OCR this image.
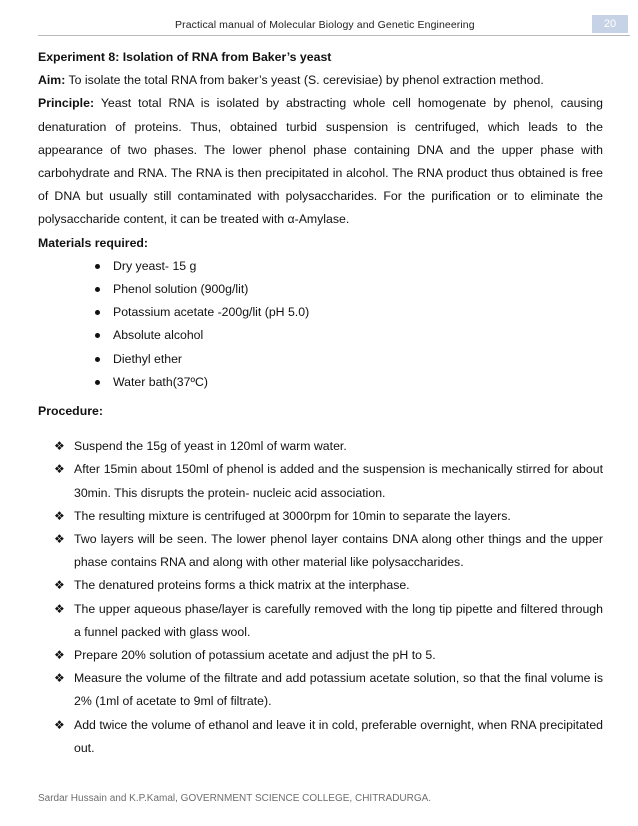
Practical manual of Molecular Biology and Genetic Engineering	20
Experiment 8: Isolation of RNA from Baker’s yeast
Aim: To isolate the total RNA from baker’s yeast (S. cerevisiae) by phenol extraction method.
Principle: Yeast total RNA is isolated by abstracting whole cell homogenate by phenol, causing denaturation of proteins. Thus, obtained turbid suspension is centrifuged, which leads to the appearance of two phases. The lower phenol phase containing DNA and the upper phase with carbohydrate and RNA. The RNA is then precipitated in alcohol. The RNA product thus obtained is free of DNA but usually still contaminated with polysaccharides. For the purification or to eliminate the polysaccharide content, it can be treated with α-Amylase.
Materials required:
Dry yeast- 15 g
Phenol solution (900g/lit)
Potassium acetate -200g/lit (pH 5.0)
Absolute alcohol
Diethyl ether
Water bath(37ºC)
Procedure:
❖ Suspend the 15g of yeast in 120ml of warm water.
❖ After 15min about 150ml of phenol is added and the suspension is mechanically stirred for about 30min. This disrupts the protein- nucleic acid association.
❖ The resulting mixture is centrifuged at 3000rpm for 10min to separate the layers.
❖ Two layers will be seen. The lower phenol layer contains DNA along other things and the upper phase contains RNA and along with other material like polysaccharides.
❖ The denatured proteins forms a thick matrix at the interphase.
❖ The upper aqueous phase/layer is carefully removed with the long tip pipette and filtered through a funnel packed with glass wool.
❖ Prepare 20% solution of potassium acetate and adjust the pH to 5.
❖ Measure the volume of the filtrate and add potassium acetate solution, so that the final volume is 2% (1ml of acetate to 9ml of filtrate).
❖ Add twice the volume of ethanol and leave it in cold, preferable overnight, when RNA precipitated out.
Sardar Hussain and K.P.Kamal, GOVERNMENT SCIENCE COLLEGE, CHITRADURGA.
